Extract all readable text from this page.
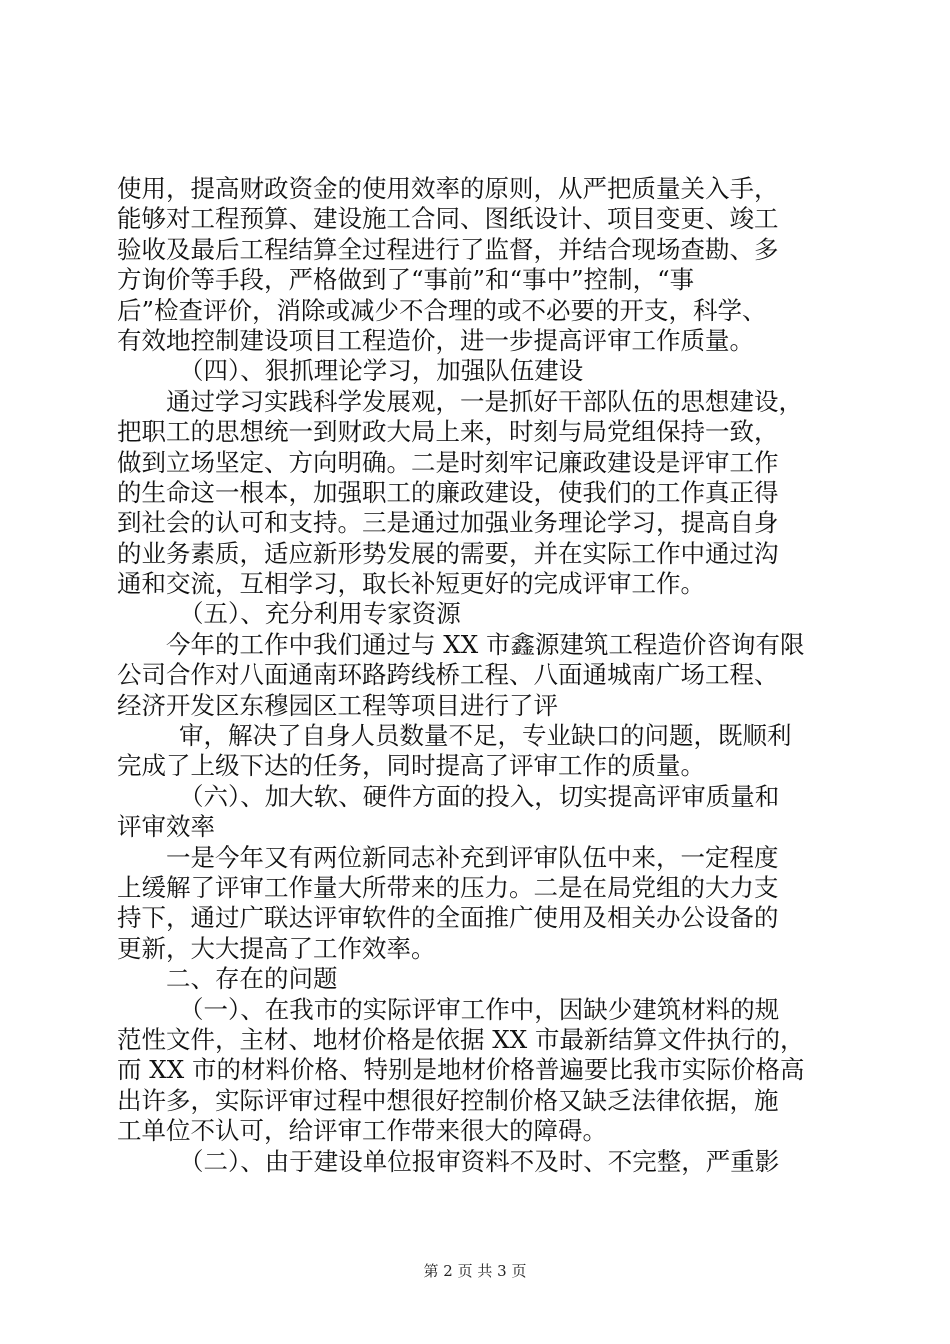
使用，提高财政资金的使用效率的原则，从严把质量关入手，
能够对工程预算、建设施工合同、图纸设计、项目变更、竣工
验收及最后工程结算全过程进行了监督，并结合现场查勘、多
方询价等手段，严格做到了“事前”和“事中”控制，“事
后”检查评价，消除或减少不合理的或不必要的开支，科学、
有效地控制建设项目工程造价，进一步提高评审工作质量。
（四）、狠抓理论学习，加强队伍建设
通过学习实践科学发展观，一是抓好干部队伍的思想建设，
把职工的思想统一到财政大局上来，时刻与局党组保持一致，
做到立场坚定、方向明确。二是时刻牢记廉政建设是评审工作
的生命这一根本，加强职工的廉政建设，使我们的工作真正得
到社会的认可和支持。三是通过加强业务理论学习，提高自身
的业务素质，适应新形势发展的需要，并在实际工作中通过沟
通和交流，互相学习，取长补短更好的完成评审工作。
（五）、充分利用专家资源
今年的工作中我们通过与 XX 市鑫源建筑工程造价咨询有限
公司合作对八面通南环路跨线桥工程、八面通城南广场工程、
经济开发区东穆园区工程等项目进行了评
审，解决了自身人员数量不足，专业缺口的问题，既顺利
完成了上级下达的任务，同时提高了评审工作的质量。
（六）、加大软、硬件方面的投入，切实提高评审质量和
评审效率
一是今年又有两位新同志补充到评审队伍中来，一定程度
上缓解了评审工作量大所带来的压力。二是在局党组的大力支
持下，通过广联达评审软件的全面推广使用及相关办公设备的
更新，大大提高了工作效率。
二、存在的问题
（一）、在我市的实际评审工作中，因缺少建筑材料的规
范性文件，主材、地材价格是依据 XX 市最新结算文件执行的，
而 XX 市的材料价格、特别是地材价格普遍要比我市实际价格高
出许多，实际评审过程中想很好控制价格又缺乏法律依据，施
工单位不认可，给评审工作带来很大的障碍。
（二）、由于建设单位报审资料不及时、不完整，严重影
第 2 页 共 3 页
